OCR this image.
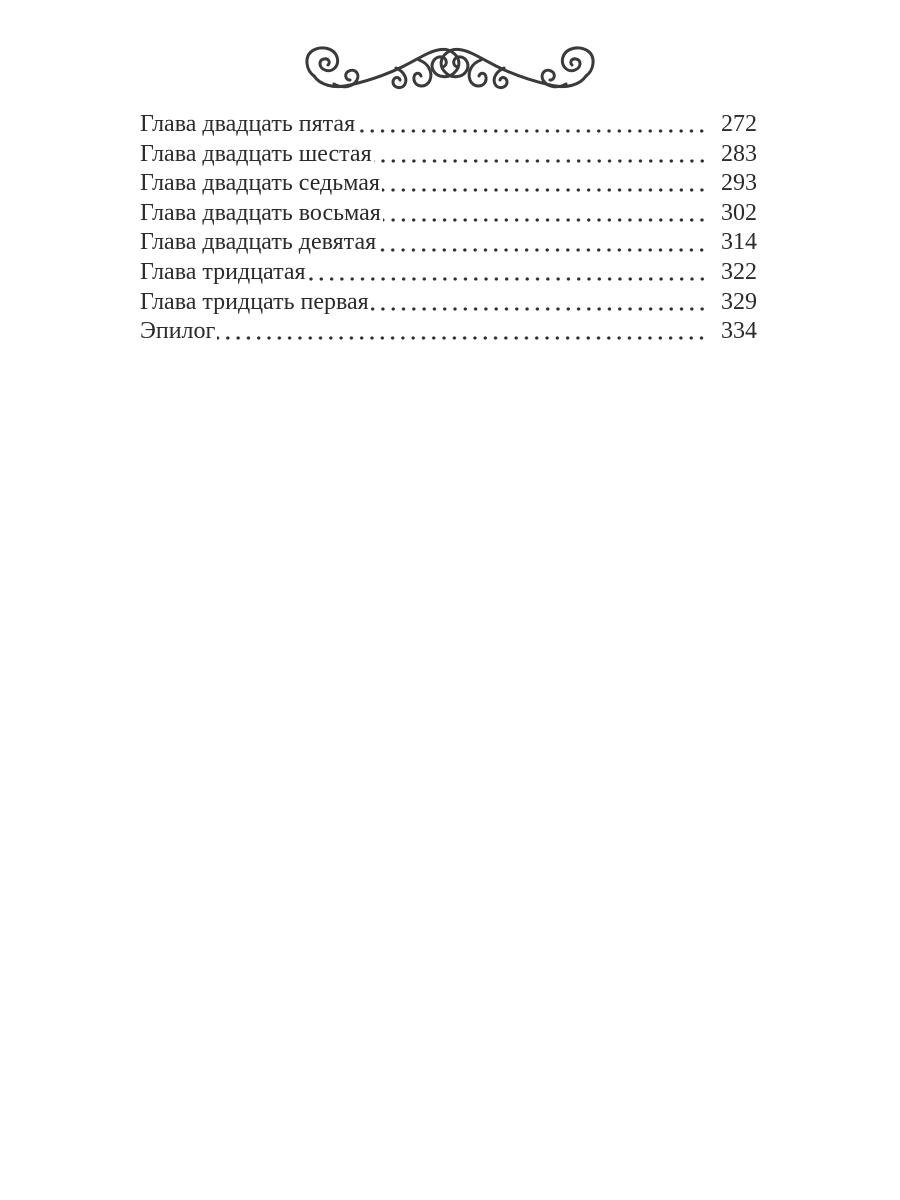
Глава двадцать пятая	272
Глава двадцать шестая	283
Глава двадцать седьмая	293
Глава двадцать восьмая	302
Глава двадцать девятая	314
Глава тридцатая	322
Глава тридцать первая	329
Эпилог	334
